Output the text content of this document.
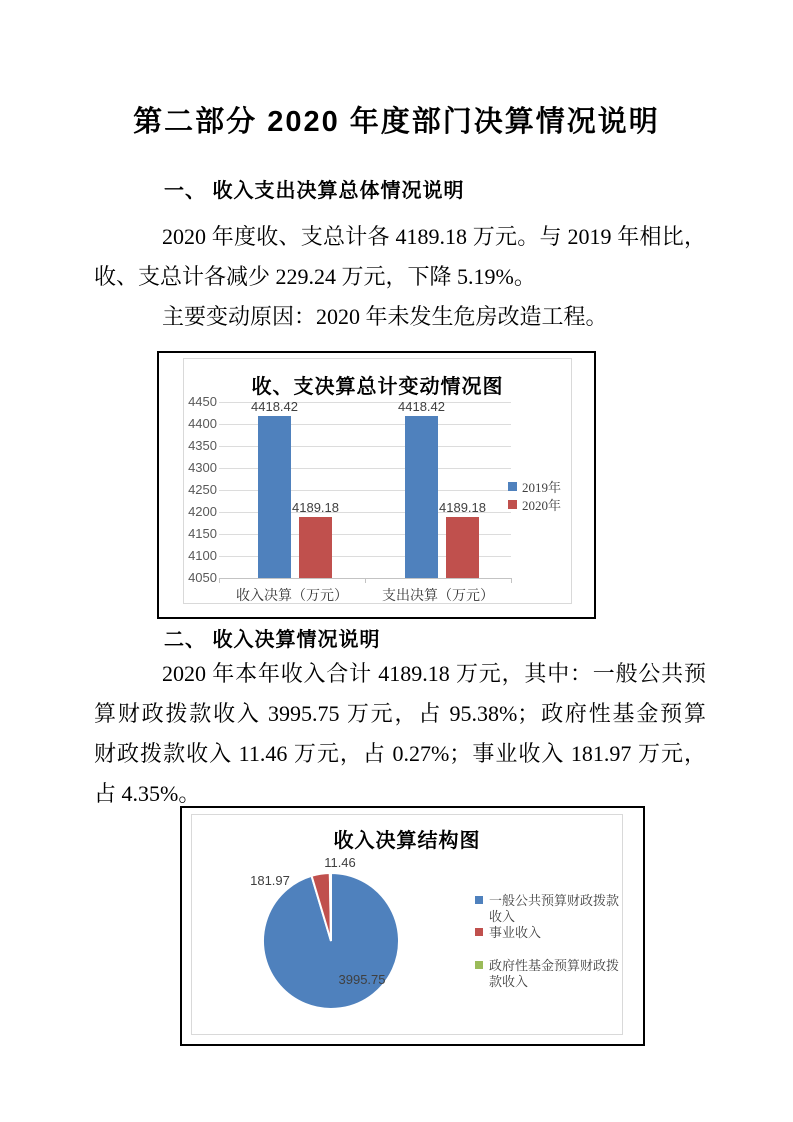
第二部分 2020 年度部门决算情况说明
一、 收入支出决算总体情况说明
2020 年度收、支总计各 4189.18 万元。与 2019 年相比，
收、支总计各减少 229.24 万元，下降 5.19%。
主要变动原因：2020 年未发生危房改造工程。
收、支决算总计变动情况图
4050
4100
4150
4200
4250
4300
4350
4400
4450	4418.42	4418.42
4189.18	4189.18
收入决算（万元）	支出决算（万元）
2019年
2020年
二、 收入决算情况说明
2020 年本年收入合计 4189.18 万元，其中：一般公共预
算财政拨款收入 3995.75 万元，占 95.38%；政府性基金预算
财政拨款收入 11.46 万元，占 0.27%；事业收入 181.97 万元，
占 4.35%。
收入决算结构图
3995.75
181.97
11.46
一般公共预算财政拨款收入
事业收入
政府性基金预算财政拨款收入
